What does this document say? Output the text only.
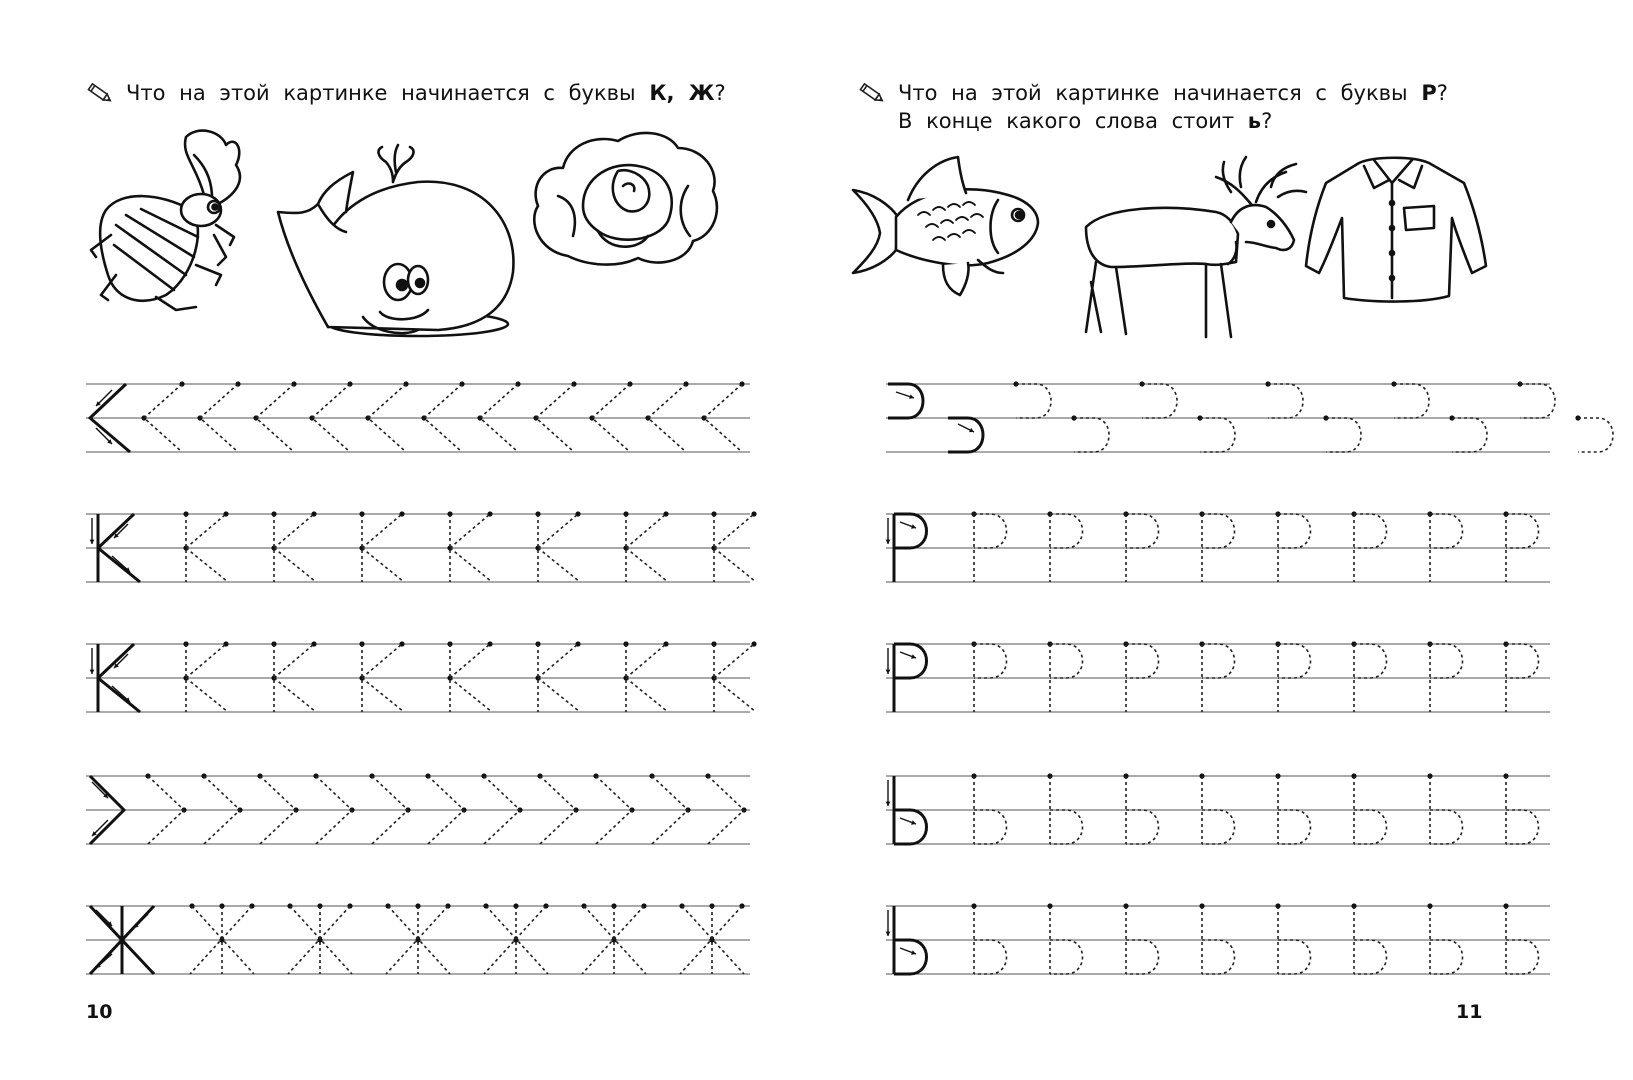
Что на этой картинке начинается с буквы К, Ж?

10

Что на этой картинке начинается с буквы Р?
В конце какого слова стоит ь?

11
